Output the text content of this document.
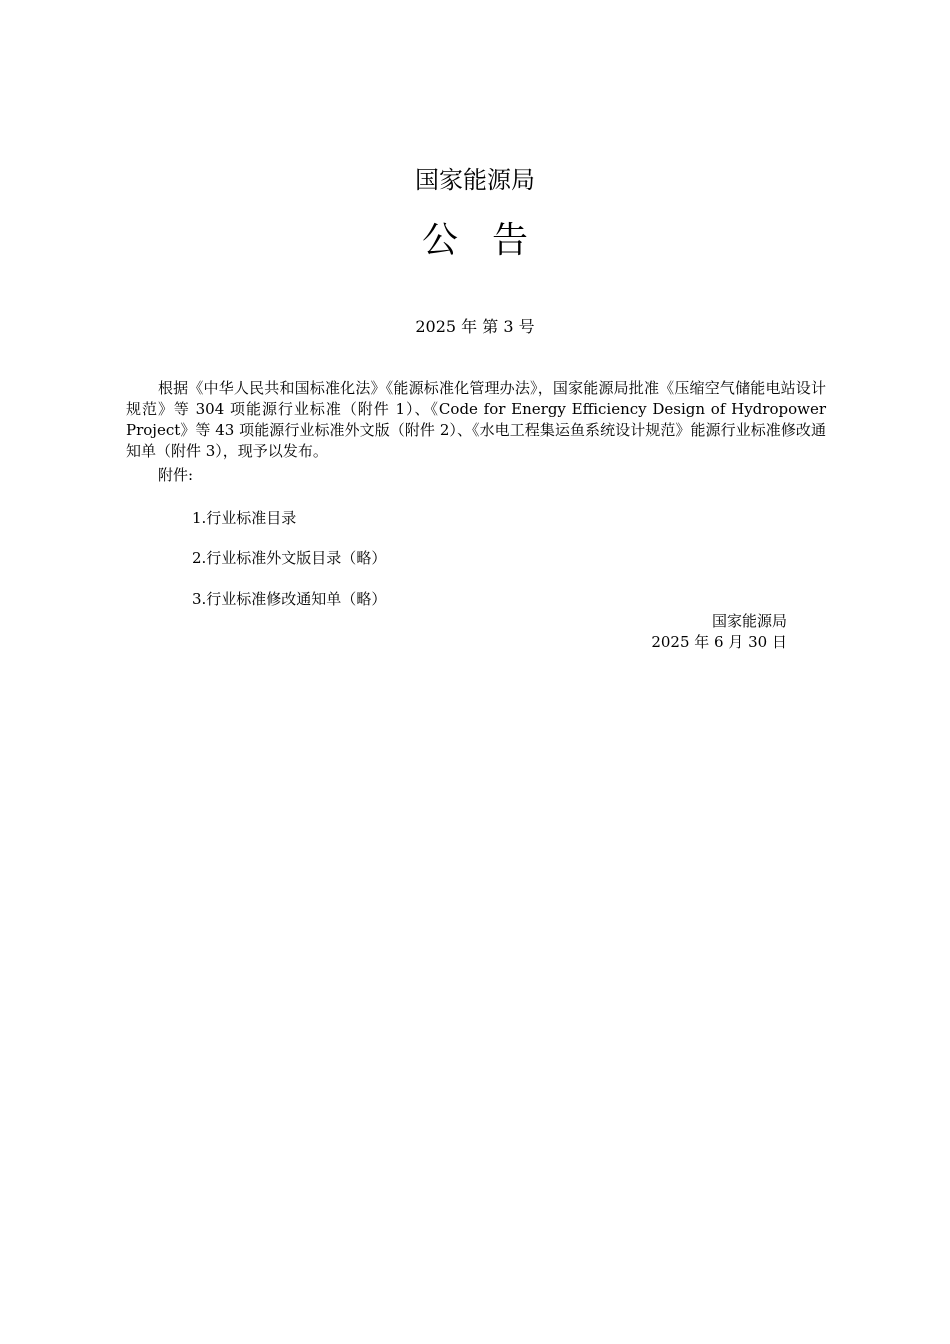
国家能源局
公告
2025 年 第 3 号
根据《中华人民共和国标准化法》《能源标准化管理办法》，国家能源局批准《压缩空气储能电站设计规范》等 304 项能源行业标准（附件 1）、《Code for Energy Efficiency Design of Hydropower Project》等 43 项能源行业标准外文版（附件 2）、《水电工程集运鱼系统设计规范》能源行业标准修改通知单（附件 3），现予以发布。
附件:
1.行业标准目录
2.行业标准外文版目录（略）
3.行业标准修改通知单（略）
国家能源局
2025 年 6 月 30 日
